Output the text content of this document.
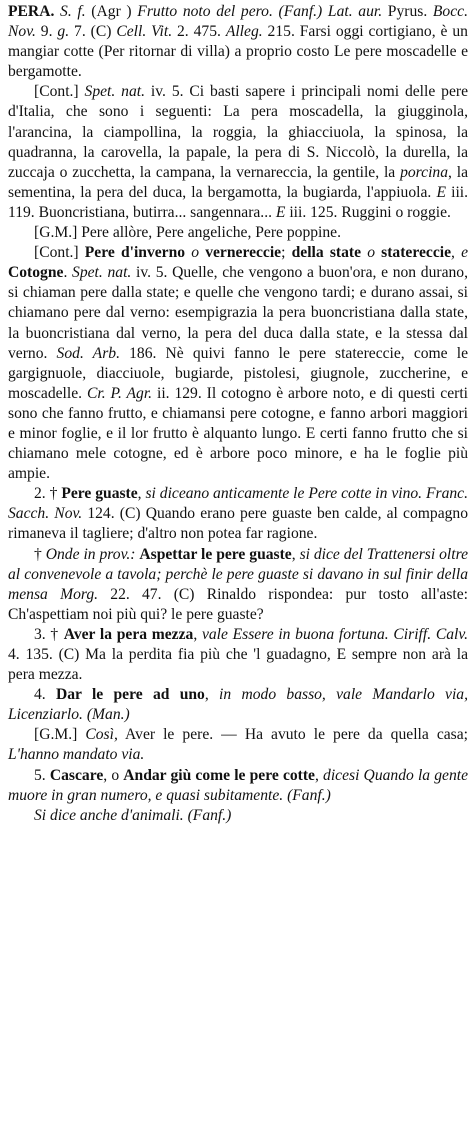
PERA. S. f. (Agr ) Frutto noto del pero. (Fanf.) Lat. aur. Pyrus. Bocc. Nov. 9. g. 7. (C) Cell. Vit. 2. 475. Alleg. 215. Farsi oggi cortigiano, è un mangiar cotte (Per ritornar di villa) a proprio costo Le pere moscadelle e bergamotte.

[Cont.] Spet. nat. iv. 5. Ci basti sapere i principali nomi delle pere d'Italia, che sono i seguenti: La pera moscadella, la giugginola, l'arancina, la ciampollina, la roggia, la ghiacciuola, la spinosa, la quadranna, la carovella, la papale, la pera di S. Niccolò, la durella, la zuccaja o zucchetta, la campana, la vernareccia, la gentile, la porcina, la sementina, la pera del duca, la bergamotta, la bugiarda, l'appiuola. E iii. 119. Buoncristiana, butirra... sangennara... E iii. 125. Ruggini o roggie.

[G.M.] Pere allòre, Pere angeliche, Pere poppine.

[Cont.] Pere d'inverno o vernereccie; della state o statereccie, e Cotogne. Spet. nat. iv. 5. Quelle, che vengono a buon'ora, e non durano, si chiaman pere dalla state; e quelle che vengono tardi; e durano assai, si chiamano pere dal verno: esempigrazia la pera buoncristiana dalla state, la buoncristiana dal verno, la pera del duca dalla state, e la stessa dal verno. Sod. Arb. 186. Nè quivi fanno le pere statereccie, come le gargignuole, diacciuole, bugiarde, pistolesi, giugnole, zuccherine, e moscadelle. Cr. P. Agr. ii. 129. Il cotogno è arbore noto, e di questi certi sono che fanno frutto, e chiamansi pere cotogne, e fanno arbori maggiori e minor foglie, e il lor frutto è alquanto lungo. E certi fanno frutto che si chiamano mele cotogne, ed è arbore poco minore, e ha le foglie più ampie.

2. † Pere guaste, si diceano anticamente le Pere cotte in vino. Franc. Sacch. Nov. 124. (C) Quando erano pere guaste ben calde, al compagno rimaneva il tagliere; d'altro non potea far ragione.

† Onde in prov.: Aspettar le pere guaste, si dice del Trattenersi oltre al convenevole a tavola; perchè le pere guaste si davano in sul finir della mensa Morg. 22. 47. (C) Rinaldo rispondea: pur tosto all'aste: Ch'aspettiam noi più qui? le pere guaste?

3. † Aver la pera mezza, vale Essere in buona fortuna. Ciriff. Calv. 4. 135. (C) Ma la perdita fia più che 'l guadagno, E sempre non arà la pera mezza.

4. Dar le pere ad uno, in modo basso, vale Mandarlo via, Licenziarlo. (Man.)

[G.M.] Così, Aver le pere. — Ha avuto le pere da quella casa; L'hanno mandato via.

5. Cascare, o Andar giù come le pere cotte, dicesi Quando la gente muore in gran numero, e quasi subitamente. (Fanf.)

Si dice anche d'animali. (Fanf.)
